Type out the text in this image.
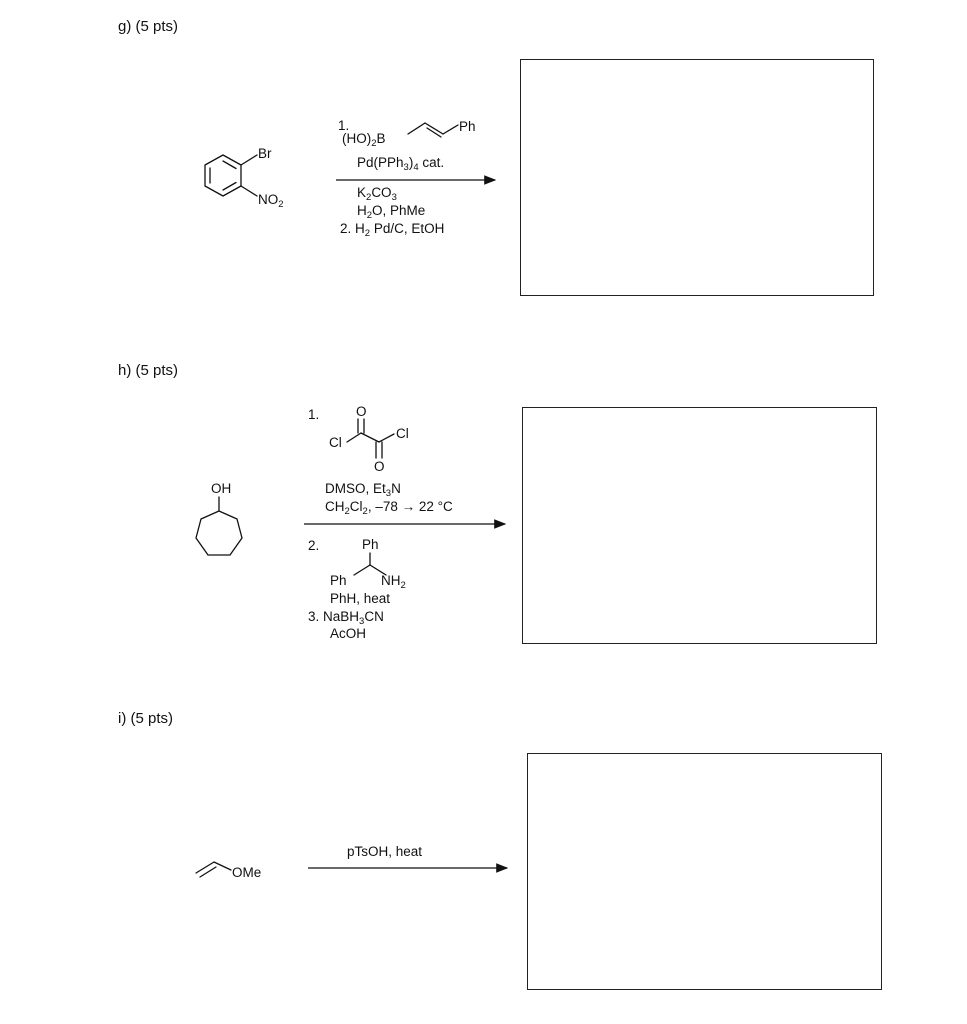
g) (5 pts)
h) (5 pts)
i) (5 pts)
Br
$NO_2$
1.
$(HO)_2B$
Ph
$Pd(PPh_3)_4$ cat.
$K_2CO_3$
$H_2O$, PhMe
2. $H_2$ Pd/C, EtOH
OH
1.	O
Cl
Cl
O
DMSO, $Et_3N$
$CH_2Cl_2$, –78 → 22 °C
2.	Ph
Ph	$NH_2$
PhH, heat
3. NaBH$_3$CN
AcOH
OMe
pTsOH, heat
